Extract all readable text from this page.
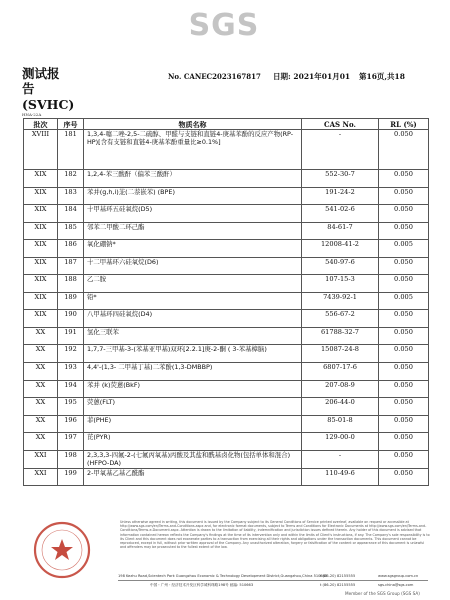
SGS
测试报告
(SVHC)
HNA-22A
No. CANEC2023167817 日期: 2021年01月01 第16页,共18
批次	序号	物质名称	CAS No.	RL (%)
XVIII	181	1,3,4-噻二唑-2,5-二硫醇、甲醛与支链和直链4-庚基苯酚的反应产物(RP-HP)[含有支链和直链4-庚基苯酚重量比≥0.1%]	-	0.050
XIX	182	1,2,4-苯三酸酐（偏苯三酸酐）	552-30-7	0.050
XIX	183	苯并(g,h,i)苝(二萘嵌苯) (BPE)	191-24-2	0.050
XIX	184	十甲基环五硅氧烷(D5)	541-02-6	0.050
XIX	185	邻苯二甲酸二环己酯	84-61-7	0.050
XIX	186	氧化硼钠*	12008-41-2	0.005
XIX	187	十二甲基环六硅氧烷(D6)	540-97-6	0.050
XIX	188	乙二胺	107-15-3	0.050
XIX	189	铅*	7439-92-1	0.005
XIX	190	八甲基环四硅氧烷(D4)	556-67-2	0.050
XX	191	氢化三联苯	61788-32-7	0.050
XX	192	1,7,7-三甲基-3-(苯基亚甲基)双环[2.2.1]庚-2-酮 ( 3-苯基樟脑)	15087-24-8	0.050
XX	193	4,4'-(1,3- 二甲基丁基)二苯酚(1,3-DMBBP)	6807-17-6	0.050
XX	194	苯并 (k)荧蒽(BkF)	207-08-9	0.050
XX	195	荧蒽(FLT)	206-44-0	0.050
XX	196	菲(PHE)	85-01-8	0.050
XX	197	芘(PYR)	129-00-0	0.050
XXI	198	2,3,3,3-四氟-2-(七氟丙氧基)丙酸及其盐和酰基卤化物(包括单体和混合)(HFPO-DA)	-	0.050
XXI	199	2-甲氧基乙基乙酰酯	110-49-6	0.050
Unless otherwise agreed in writing, this document is issued by the Company subject to its General Conditions of Service printed overleaf, available on request or accessible at http://www.sgs.com/en/Terms-and-Conditions.aspx and, for electronic format documents, subject to Terms and Conditions for Electronic Documents at http://www.sgs.com/en/Terms-and-Conditions/Terms-e-Document.aspx. Attention is drawn to the limitation of liability, indemnification and jurisdiction issues defined therein. Any holder of this document is advised that information contained hereon reflects the Company's findings at the time of its intervention only and within the limits of Client's instructions, if any. The Company's sole responsibility is to its Client and this document does not exonerate parties to a transaction from exercising all their rights and obligations under the transaction documents. This document cannot be reproduced, except in full, without prior written approval of the Company. Any unauthorized alteration, forgery or falsification of the content or appearance of this document is unlawful and offenders may be prosecuted to the fullest extent of the law.
198 Kezhu Road,Scientech Park Guangzhou Economic & Technology Development District,Guangzhou,China 510663
t (86-20) 82155555	www.sgsgroup.com.cn
中国・广州・经济技术开发区科学城科珠路198号 邮编: 510663	t (86-20) 82155555	sgs.china@sgs.com
Member of the SGS Group (SGS SA)
